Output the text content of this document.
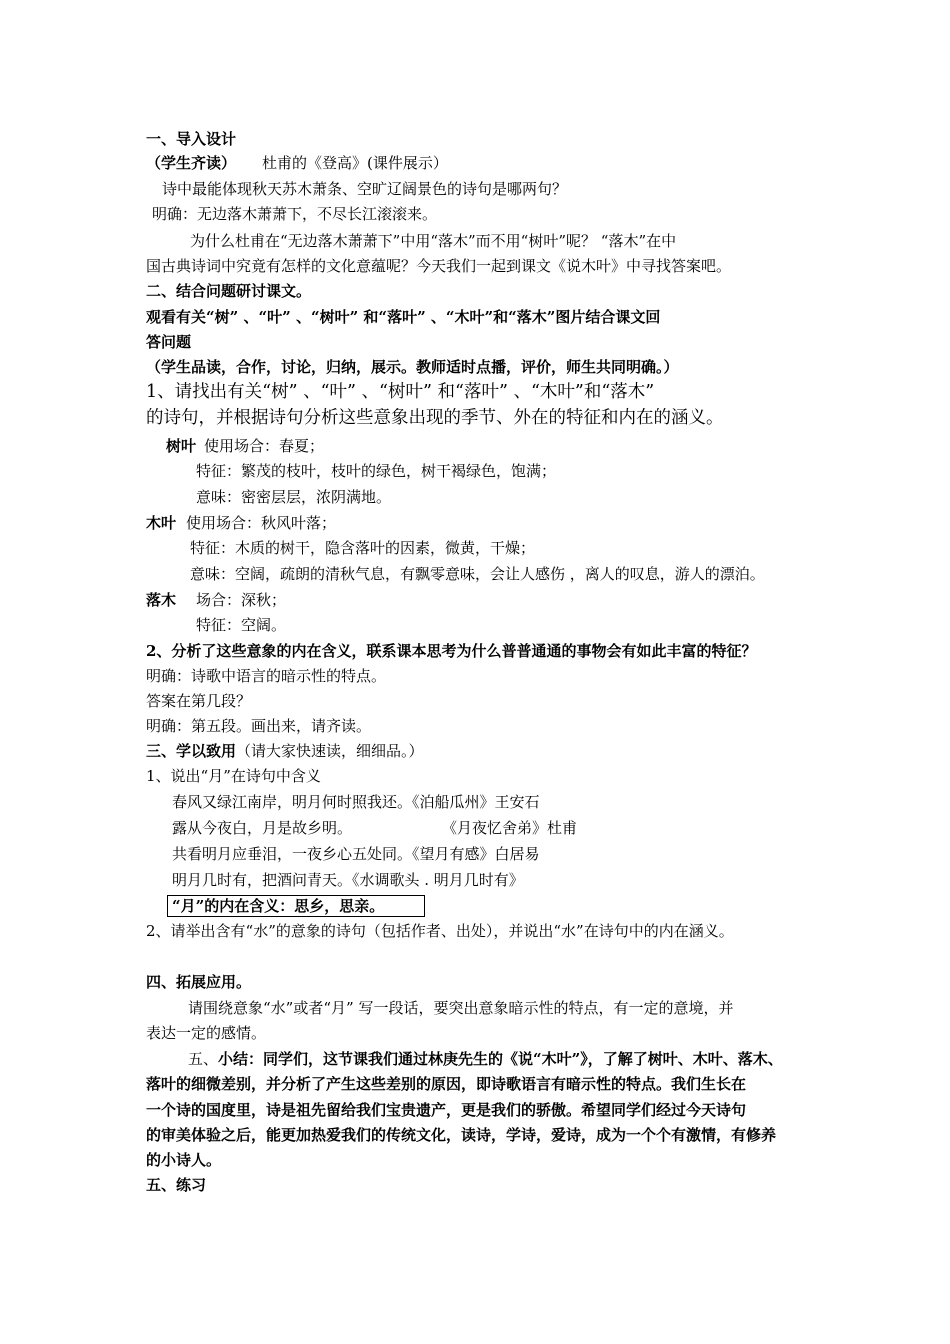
一、导入设计
（学生齐读） 杜甫的《登高》(课件展示）
诗中最能体现秋天苏木萧条、空旷辽阔景色的诗句是哪两句？
明确：无边落木萧萧下，不尽长江滚滚来。
为什么杜甫在“无边落木萧萧下”中用“落木”而不用“树叶”呢？ “落木”在中
国古典诗词中究竟有怎样的文化意蕴呢？今天我们一起到课文《说木叶》中寻找答案吧。
二、结合问题研讨课文。
观看有关“树” 、“叶” 、“树叶” 和“落叶” 、“木叶”和“落木”图片结合课文回
答问题
（学生品读，合作，讨论，归纳，展示。教师适时点播，评价，师生共同明确。）
1、请找出有关“树” 、“叶” 、“树叶” 和“落叶” 、“木叶”和“落木”
的诗句，并根据诗句分析这些意象出现的季节、外在的特征和内在的涵义。
树叶 使用场合：春夏；
特征：繁茂的枝叶，枝叶的绿色，树干褐绿色，饱满；
意味：密密层层，浓阴满地。
木叶 使用场合：秋风叶落；
特征：木质的树干，隐含落叶的因素，微黄，干燥；
意味：空阔，疏朗的清秋气息，有飘零意味，会让人感伤 ，离人的叹息，游人的漂泊。
落木 场合：深秋；
特征：空阔。
2、分析了这些意象的内在含义，联系课本思考为什么普普通通的事物会有如此丰富的特征？
明确：诗歌中语言的暗示性的特点。
答案在第几段？
明确：第五段。画出来，请齐读。
三、学以致用（请大家快速读，细细品。）
1、说出“月”在诗句中含义
春风又绿江南岸，明月何时照我还。《泊船瓜州》王安石
露从今夜白，月是故乡明。	《月夜忆舍弟》杜甫
共看明月应垂泪，一夜乡心五处同。《望月有感》白居易
明月几时有，把酒问青天。《水调歌头 . 明月几时有》
“月”的内在含义：思乡，思亲。
2、请举出含有“水”的意象的诗句（包括作者、出处），并说出“水”在诗句中的内在涵义。
四、拓展应用。
请围绕意象“水”或者“月” 写一段话，要突出意象暗示性的特点，有一定的意境，并
表达一定的感情。
五、小结：同学们，这节课我们通过林庚先生的《说“木叶”》，了解了树叶、木叶、落木、
落叶的细微差别，并分析了产生这些差别的原因，即诗歌语言有暗示性的特点。我们生长在
一个诗的国度里，诗是祖先留给我们宝贵遗产，更是我们的骄傲。希望同学们经过今天诗句
的审美体验之后，能更加热爱我们的传统文化，读诗，学诗，爱诗，成为一个个有激情，有修养
的小诗人。
五、练习
